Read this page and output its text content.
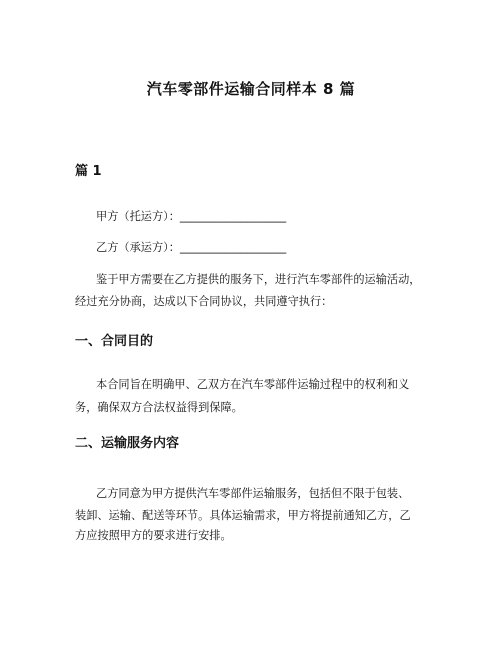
汽车零部件运输合同样本 8 篇
篇 1
甲方（托运方）：___________________
乙方（承运方）：___________________
鉴于甲方需要在乙方提供的服务下，进行汽车零部件的运输活动，
经过充分协商，达成以下合同协议，共同遵守执行：
一、合同目的
本合同旨在明确甲、乙双方在汽车零部件运输过程中的权利和义
务，确保双方合法权益得到保障。
二、运输服务内容
乙方同意为甲方提供汽车零部件运输服务，包括但不限于包装、
装卸、运输、配送等环节。具体运输需求，甲方将提前通知乙方，乙
方应按照甲方的要求进行安排。
